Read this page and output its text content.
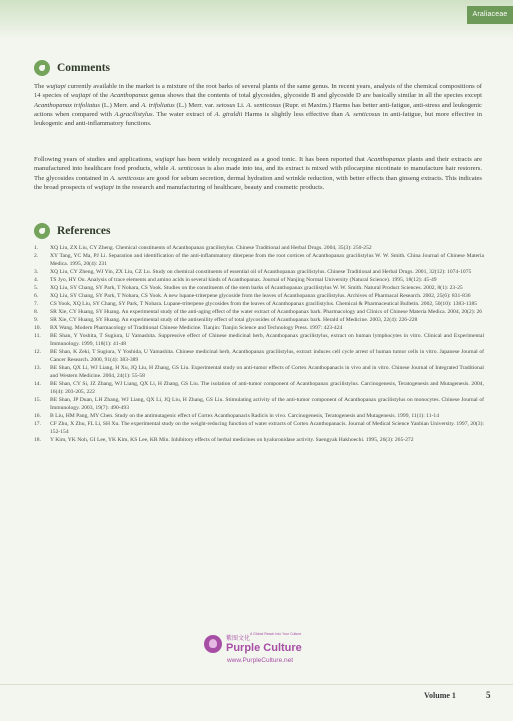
Araliaceae
Comments

The wujiapi currently available in the market is a mixture of the root barks of several plants of the same genus. In recent years, analysis of the chemical compositions of 14 species of wujiapi of the Acanthopanax genus shows that the contents of total glycosides, glycoside B and glycoside D are basically similar in all the species except Acanthopanax trifoliatus (L.) Merr. and A. trifoliatus (L.) Merr. var. setosus Li. A. senticosus (Rupr. et Maxim.) Harms has better anti-fatigue, anti-stress and leukogenic actions when compared with A.gracilistylus. The water extract of A. giraldii Harms is slightly less effective than A. senticosus in anti-fatigue, but more effective in leukogenic and anti-inflammatory functions.

Following years of studies and applications, wujiapi has been widely recognized as a good tonic. It has been reported that Acanthopanax plants and their extracts are manufactured into healthcare food products, while A. senticosus is also made into tea, and its extract is mixed with pilocarpine nicotinate to manufacture hair restorers. The glycosides contained in A. senticosus are good for sebum secretion, dermal hydration and wrinkle reduction, with better effects than ginseng extracts. This indicates the broad prospects of wujiapi in the research and manufacturing of healthcare, beauty and cosmetic products.

References
1.	XQ Liu, ZX Liu, CY Zheng. Chemical constituents of Acanthopanax gracilistylus. Chinese Traditional and Herbal Drugs. 2004, 35(3): 250-252
2.	XY Tang, YC Ma, PJ Li. Separation and identification of the anti-inflammatory diterpene from the root cortices of Acanthopanax gracilistylus W. W. Smith. China Journal of Chinese Materia Medica. 1995, 20(4): 231
3.	XQ Liu, CY Zheng, WJ Yin, ZX Liu, CZ Lu. Study on chemical constituents of essential oil of Acanthopanax gracilistylus. Chinese Traditional and Herbal Drugs. 2001, 32(12): 1074-1075
4.	TS Jyo, HY Ou. Analysis of trace elements and amino acids in several kinds of Acanthopanax. Journal of Nanjing Normal University (Natural Science). 1995, 18(12): 45-49
5.	XQ Liu, SY Chang, SY Park, T Nohara, CS Yook. Studies on the constituents of the stem barks of Acanthopanax gracilistylus W. W. Smith. Natural Product Sciences. 2002, 8(1): 23-25
6.	XQ Liu, SY Chang, SY Park, T Nohara, CS Yook. A new lupane-triterpene glycoside from the leaves of Acanthopanax gracilistylus. Archives of Pharmacal Research. 2002, 25(6): 831-836
7.	CS Yook, XQ Liu, SY Chang, SY Park, T Nohara. Lupane-triterpene glycosides from the leaves of Acanthopanax gracilistylus. Chemical & Pharmaceutical Bulletin. 2002, 50(10): 1383-1385
8.	SR Xie, CY Huang, SY Huang. An experimental study of the anti-aging effect of the water extract of Acanthopanax bark. Pharmacology and Clinics of Chinese Materia Medica. 2004, 20(2): 26
9.	SR Xie, CY Huang, SY Huang. An experimental study of the antisenility effect of total glycosides of Acanthopanax bark. Herald of Medicine. 2003, 22(4): 226-228
10.	BX Wang. Modern Pharmacology of Traditional Chinese Medicine. Tianjin: Tianjin Science and Technology Press. 1997: 423-424
11.	BE Shan, Y Yoshita, T Sugiura, U Yamashita. Suppressive effect of Chinese medicinal herb, Acanthopanax gracilistylus, extract on human lymphocytes in vitro. Clinical and Experimental Immunology. 1999, 118(1): 41-48
12.	BE Shan, K Zeki, T Sugiura, Y Yoshida, U Yamashita. Chinese medicinal herb, Acanthopanax gracilistylus, extract induces cell cycle arrest of human tumor cells in vitro. Japanese Journal of Cancer Research. 2000, 91(4): 383-389
13.	BE Shan, QX Li, WJ Liang, H Xu, JQ Liu, H Zhang, GS Liu. Experimental study on anti-tumor effects of Cortex Acanthopanacis in vivo and in vitro. Chinese Journal of Integrated Traditional and Western Medicine. 2004, 24(1): 55-58
14.	BE Shan, CY Si, JZ Zhang, WJ Liang, QX Li, H Zhang, GS Liu. The isolation of anti-tumor component of Acanthopanax gracilistylus. Carcinogenesis, Teratogenesis and Mutagenesis. 2004, 16(4): 203-205, 222
15.	BE Shan, JP Duan, LH Zhang, WJ Liang, QX Li, JQ Liu, H Zhang, GS Liu. Stimulating activity of the anti-tumor component of Acanthopanax gracilistylus on monocytes. Chinese Journal of Immunology. 2003, 19(7): 490-493
16.	B Liu, HM Pang, MY Chen. Study on the antimutagenic effect of Cortex Acanthopanacis Radicis in vivo. Carcinogenesis, Teratogenesis and Mutagenesis. 1999, 11(1): 11-14
17.	CF Zhu, X Zhu, FL Li, SH Xu. The experimental study on the weight-reducing function of water extracts of Cortex Acanthopanacis. Journal of Medical Science Yanbian University. 1997, 20(3): 152-154
18.	Y Kim, YK Noh, GI Lee, YK Kim, KS Lee, KR Min. Inhibitory effects of herbal medicines on hyaluronidase activity. Saengyak Hakhoechi. 1995, 26(3): 265-272
紫图文化
Purple Culture
A Global Reach Into Your Culture
www.PurpleCulture.net
Volume 1	5
